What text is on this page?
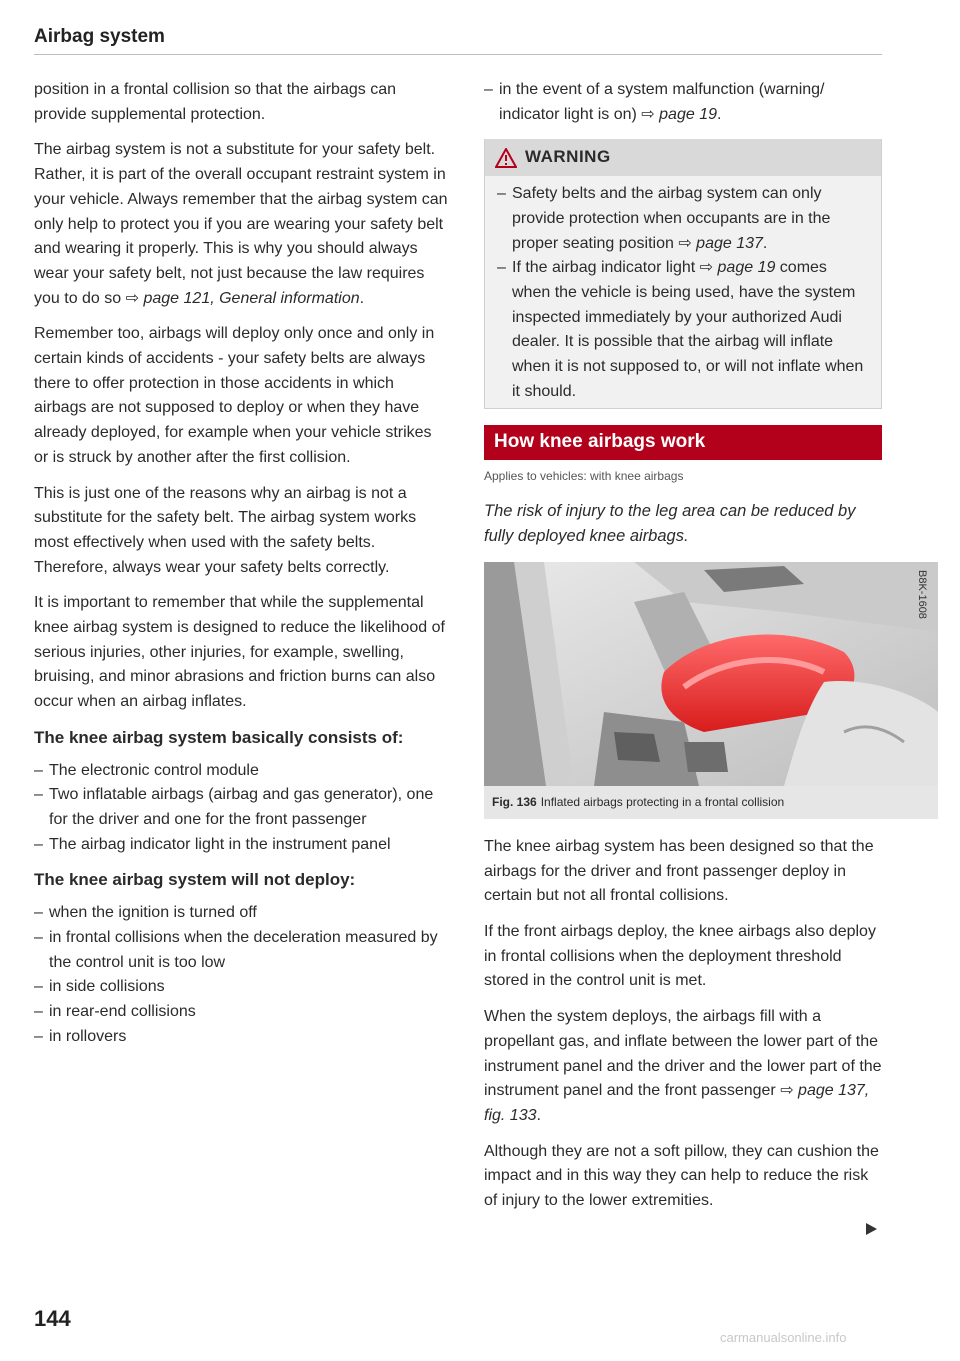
Airbag system

position in a frontal collision so that the airbags can provide supplemental protection.

The airbag system is not a substitute for your safety belt. Rather, it is part of the overall occupant restraint system in your vehicle. Always remember that the airbag system can only help to protect you if you are wearing your safety belt and wearing it properly. This is why you should always wear your safety belt, not just because the law requires you to do so ⇨ page 121, General information.

Remember too, airbags will deploy only once and only in certain kinds of accidents - your safety belts are always there to offer protection in those accidents in which airbags are not supposed to deploy or when they have already deployed, for example when your vehicle strikes or is struck by another after the first collision.

This is just one of the reasons why an airbag is not a substitute for the safety belt. The airbag system works most effectively when used with the safety belts. Therefore, always wear your safety belts correctly.

It is important to remember that while the supplemental knee airbag system is designed to reduce the likelihood of serious injuries, other injuries, for example, swelling, bruising, and minor abrasions and friction burns can also occur when an airbag inflates.

The knee airbag system basically consists of:
– The electronic control module
– Two inflatable airbags (airbag and gas generator), one for the driver and one for the front passenger
– The airbag indicator light in the instrument panel
The knee airbag system will not deploy:
– when the ignition is turned off
– in frontal collisions when the deceleration measured by the control unit is too low
– in side collisions
– in rear-end collisions
– in rollovers
– in the event of a system malfunction (warning/ indicator light is on) ⇨ page 19.
WARNING
– Safety belts and the airbag system can only provide protection when occupants are in the proper seating position ⇨ page 137.
– If the airbag indicator light ⇨ page 19 comes when the vehicle is being used, have the system inspected immediately by your authorized Audi dealer. It is possible that the airbag will inflate when it is not supposed to, or will not inflate when it should.
How knee airbags work
Applies to vehicles: with knee airbags
The risk of injury to the leg area can be reduced by fully deployed knee airbags.
B8K-1608
Fig. 136 Inflated airbags protecting in a frontal collision

The knee airbag system has been designed so that the airbags for the driver and front passenger deploy in certain but not all frontal collisions.

If the front airbags deploy, the knee airbags also deploy in frontal collisions when the deployment threshold stored in the control unit is met.

When the system deploys, the airbags fill with a propellant gas, and inflate between the lower part of the instrument panel and the driver and the lower part of the instrument panel and the front passenger ⇨ page 137, fig. 133.

Although they are not a soft pillow, they can cushion the impact and in this way they can help to reduce the risk of injury to the lower extremities.

144
carmanualsonline.info
